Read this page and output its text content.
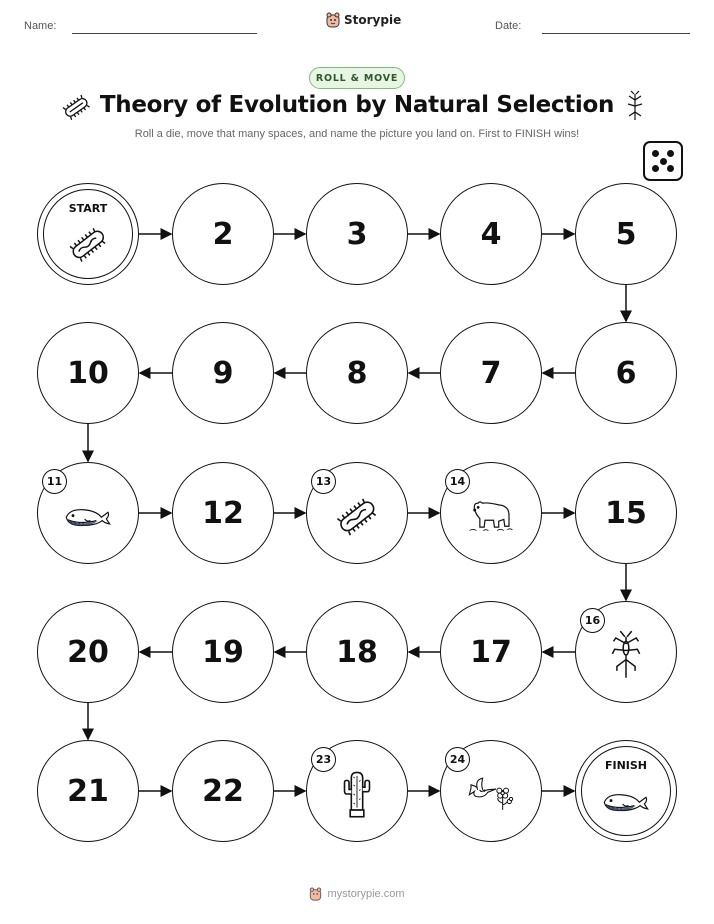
Name:	Storypie	Date:
ROLL & MOVE
Theory of Evolution by Natural Selection
Roll a die, move that many spaces, and name the picture you land on. First to FINISH wins!
START
2	3	4	5
6
7
8
9
10
11
12
13	14
15
16
17
18
19
20
21	22
23	24	FINISH
mystorypie.com
